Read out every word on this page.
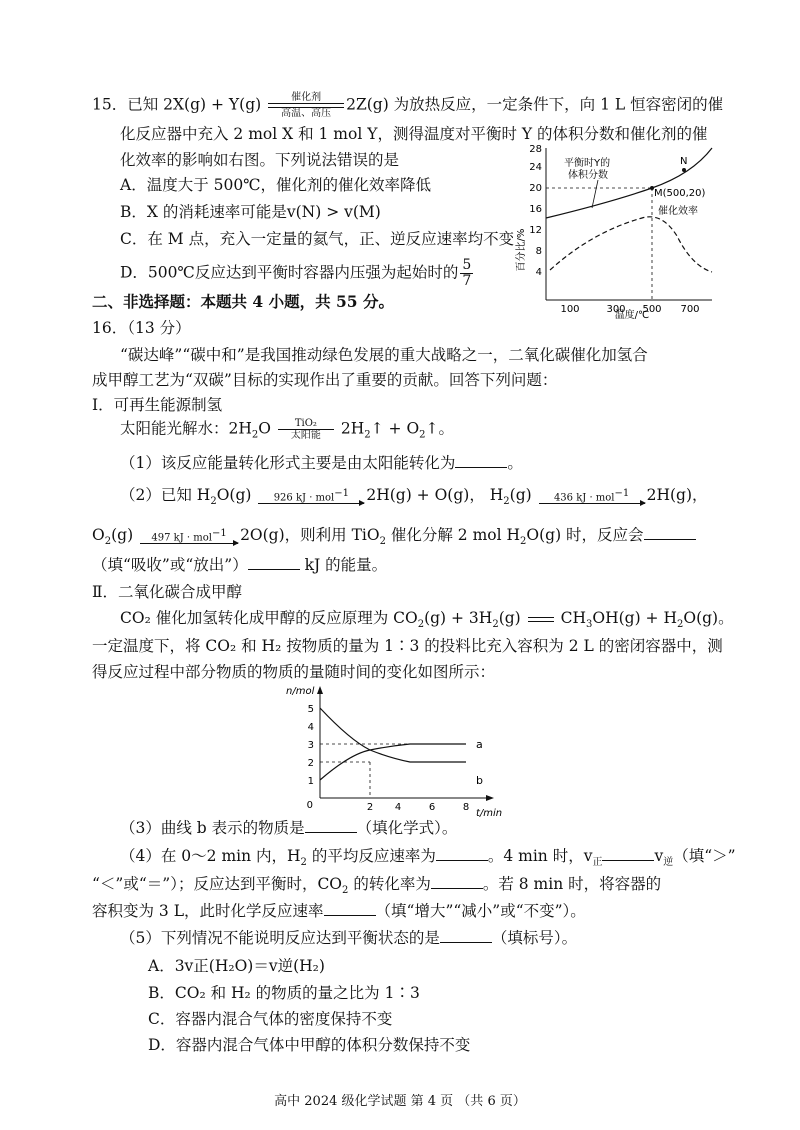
15．已知 2X(g) + Y(g)	催化剂
高温、高压 2Z(g) 为放热反应，一定条件下，向 1 L 恒容密闭的催
化反应器中充入 2 mol X 和 1 mol Y，测得温度对平衡时 Y 的体积分数和催化剂的催
化效率的影响如右图。下列说法错误的是
A．温度大于 500℃，催化剂的催化效率降低
B．X 的消耗速率可能是v(N) > v(M)
C．在 M 点，充入一定量的氦气，正、逆反应速率均不变
D．500℃反应达到平衡时容器内压强为起始时的 $\frac{5}{7}$
百分比/%
4
8
12
16
20
24
28
100	300 500 700
温度/℃
平衡时Y的
体积分数
N
M(500,20)
催化效率
二、非选择题：本题共 4 小题，共 55 分。
16．（13 分）
“碳达峰”“碳中和”是我国推动绿色发展的重大战略之一，二氧化碳催化加氢合
成甲醇工艺为“双碳”目标的实现作出了重要的贡献。回答下列问题：
Ⅰ．可再生能源制氢
太阳能光解水：$2H_2O$ TiO₂
太阳能 $2H_2↑$ + $O_2↑$。
（1）该反应能量转化形式主要是由太阳能转化为	。
（2）已知 $H_2O(g)$ 926 kJ · mol$^{-1}$ 2H(g) + O(g)， $H_2(g)$ 436 kJ · mol$^{-1}$ 2H(g)，
$O_2(g)$ 497 kJ · mol$^{-1}$ 2O(g)，则利用 TiO$_2$ 催化分解 2 mol $H_2O(g)$ 时，反应会
（填“吸收”或“放出”）	kJ 的能量。
Ⅱ．二氧化碳合成甲醇
CO₂ 催化加氢转化成甲醇的反应原理为 $CO_2(g) + 3H_2(g)$	$CH_3OH(g) + H_2O(g)$。
一定温度下，将 CO₂ 和 H₂ 按物质的量为 1∶3 的投料比充入容积为 2 L 的密闭容器中，测
得反应过程中部分物质的物质的量随时间的变化如图所示：
n/mol
t/min
0
1
2
3
4
5
2 4	6	8
a
b
（3）曲线 b 表示的物质是	（填化学式）。
（4）在 0～2 min 内，$H_2$ 的平均反应速率为	。4 min 时，$v_正$	$v_逆$（填“＞”
“＜”或“＝”）；反应达到平衡时，$CO_2$ 的转化率为	。若 8 min 时，将容器的
容积变为 3 L，此时化学反应速率	（填“增大”“减小”或“不变”）。
（5）下列情况不能说明反应达到平衡状态的是	（填标号）。
A．3v正(H₂O)＝v逆(H₂)
B．CO₂ 和 H₂ 的物质的量之比为 1∶3
C．容器内混合气体的密度保持不变
D．容器内混合气体中甲醇的体积分数保持不变
高中 2024 级化学试题 第 4 页 （共 6 页）
